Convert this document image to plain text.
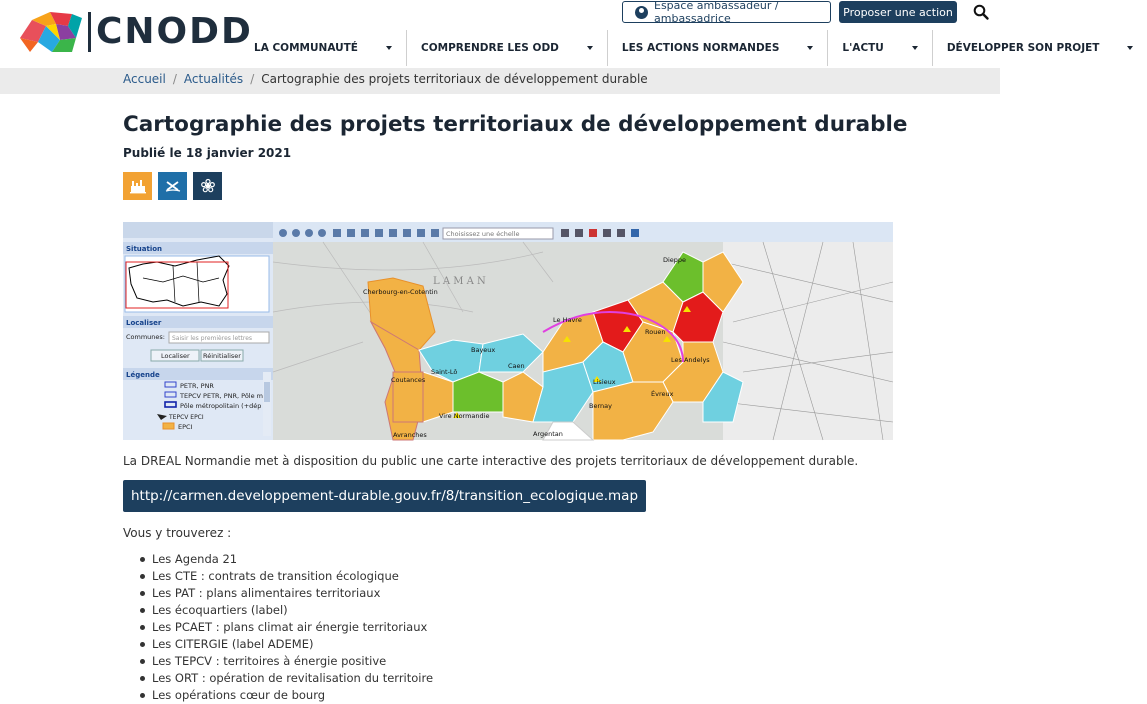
CNODD
Espace ambassadeur / ambassadrice	Proposer une action
LA COMMUNAUTÉ	COMPRENDRE LES ODD	LES ACTIONS NORMANDES	L'ACTU	DÉVELOPPER SON PROJET
Accueil / Actualités / Cartographie des projets territoriaux de développement durable
Cartographie des projets territoriaux de développement durable
Publié le 18 janvier 2021
Situation
Localiser
Communes: Saisir les premières lettres
Localiser Réinitialiser
Légende
PETR, PNR
TEPCV PETR, PNR, Pôle m
Pôle métropolitain (+dép
TEPCV EPCI
EPCI
Choisissez une échelle
L A M A N
Cherbourg-en-Cotentin
Dieppe
Le Havre
Rouen
Bayeux
Caen
Saint-Lô
Coutances	Lisieux
Les Andelys
Vire Normandie
Évreux
Bernay
Avranches	Argentan
La DREAL Normandie met à disposition du public une carte interactive des projets territoriaux de développement durable.
http://carmen.developpement-durable.gouv.fr/8/transition_ecologique.map
Vous y trouverez :
Les Agenda 21
Les CTE : contrats de transition écologique
Les PAT : plans alimentaires territoriaux
Les écoquartiers (label)
Les PCAET : plans climat air énergie territoriaux
Les CITERGIE (label ADEME)
Les TEPCV : territoires à énergie positive
Les ORT : opération de revitalisation du territoire
Les opérations cœur de bourg
